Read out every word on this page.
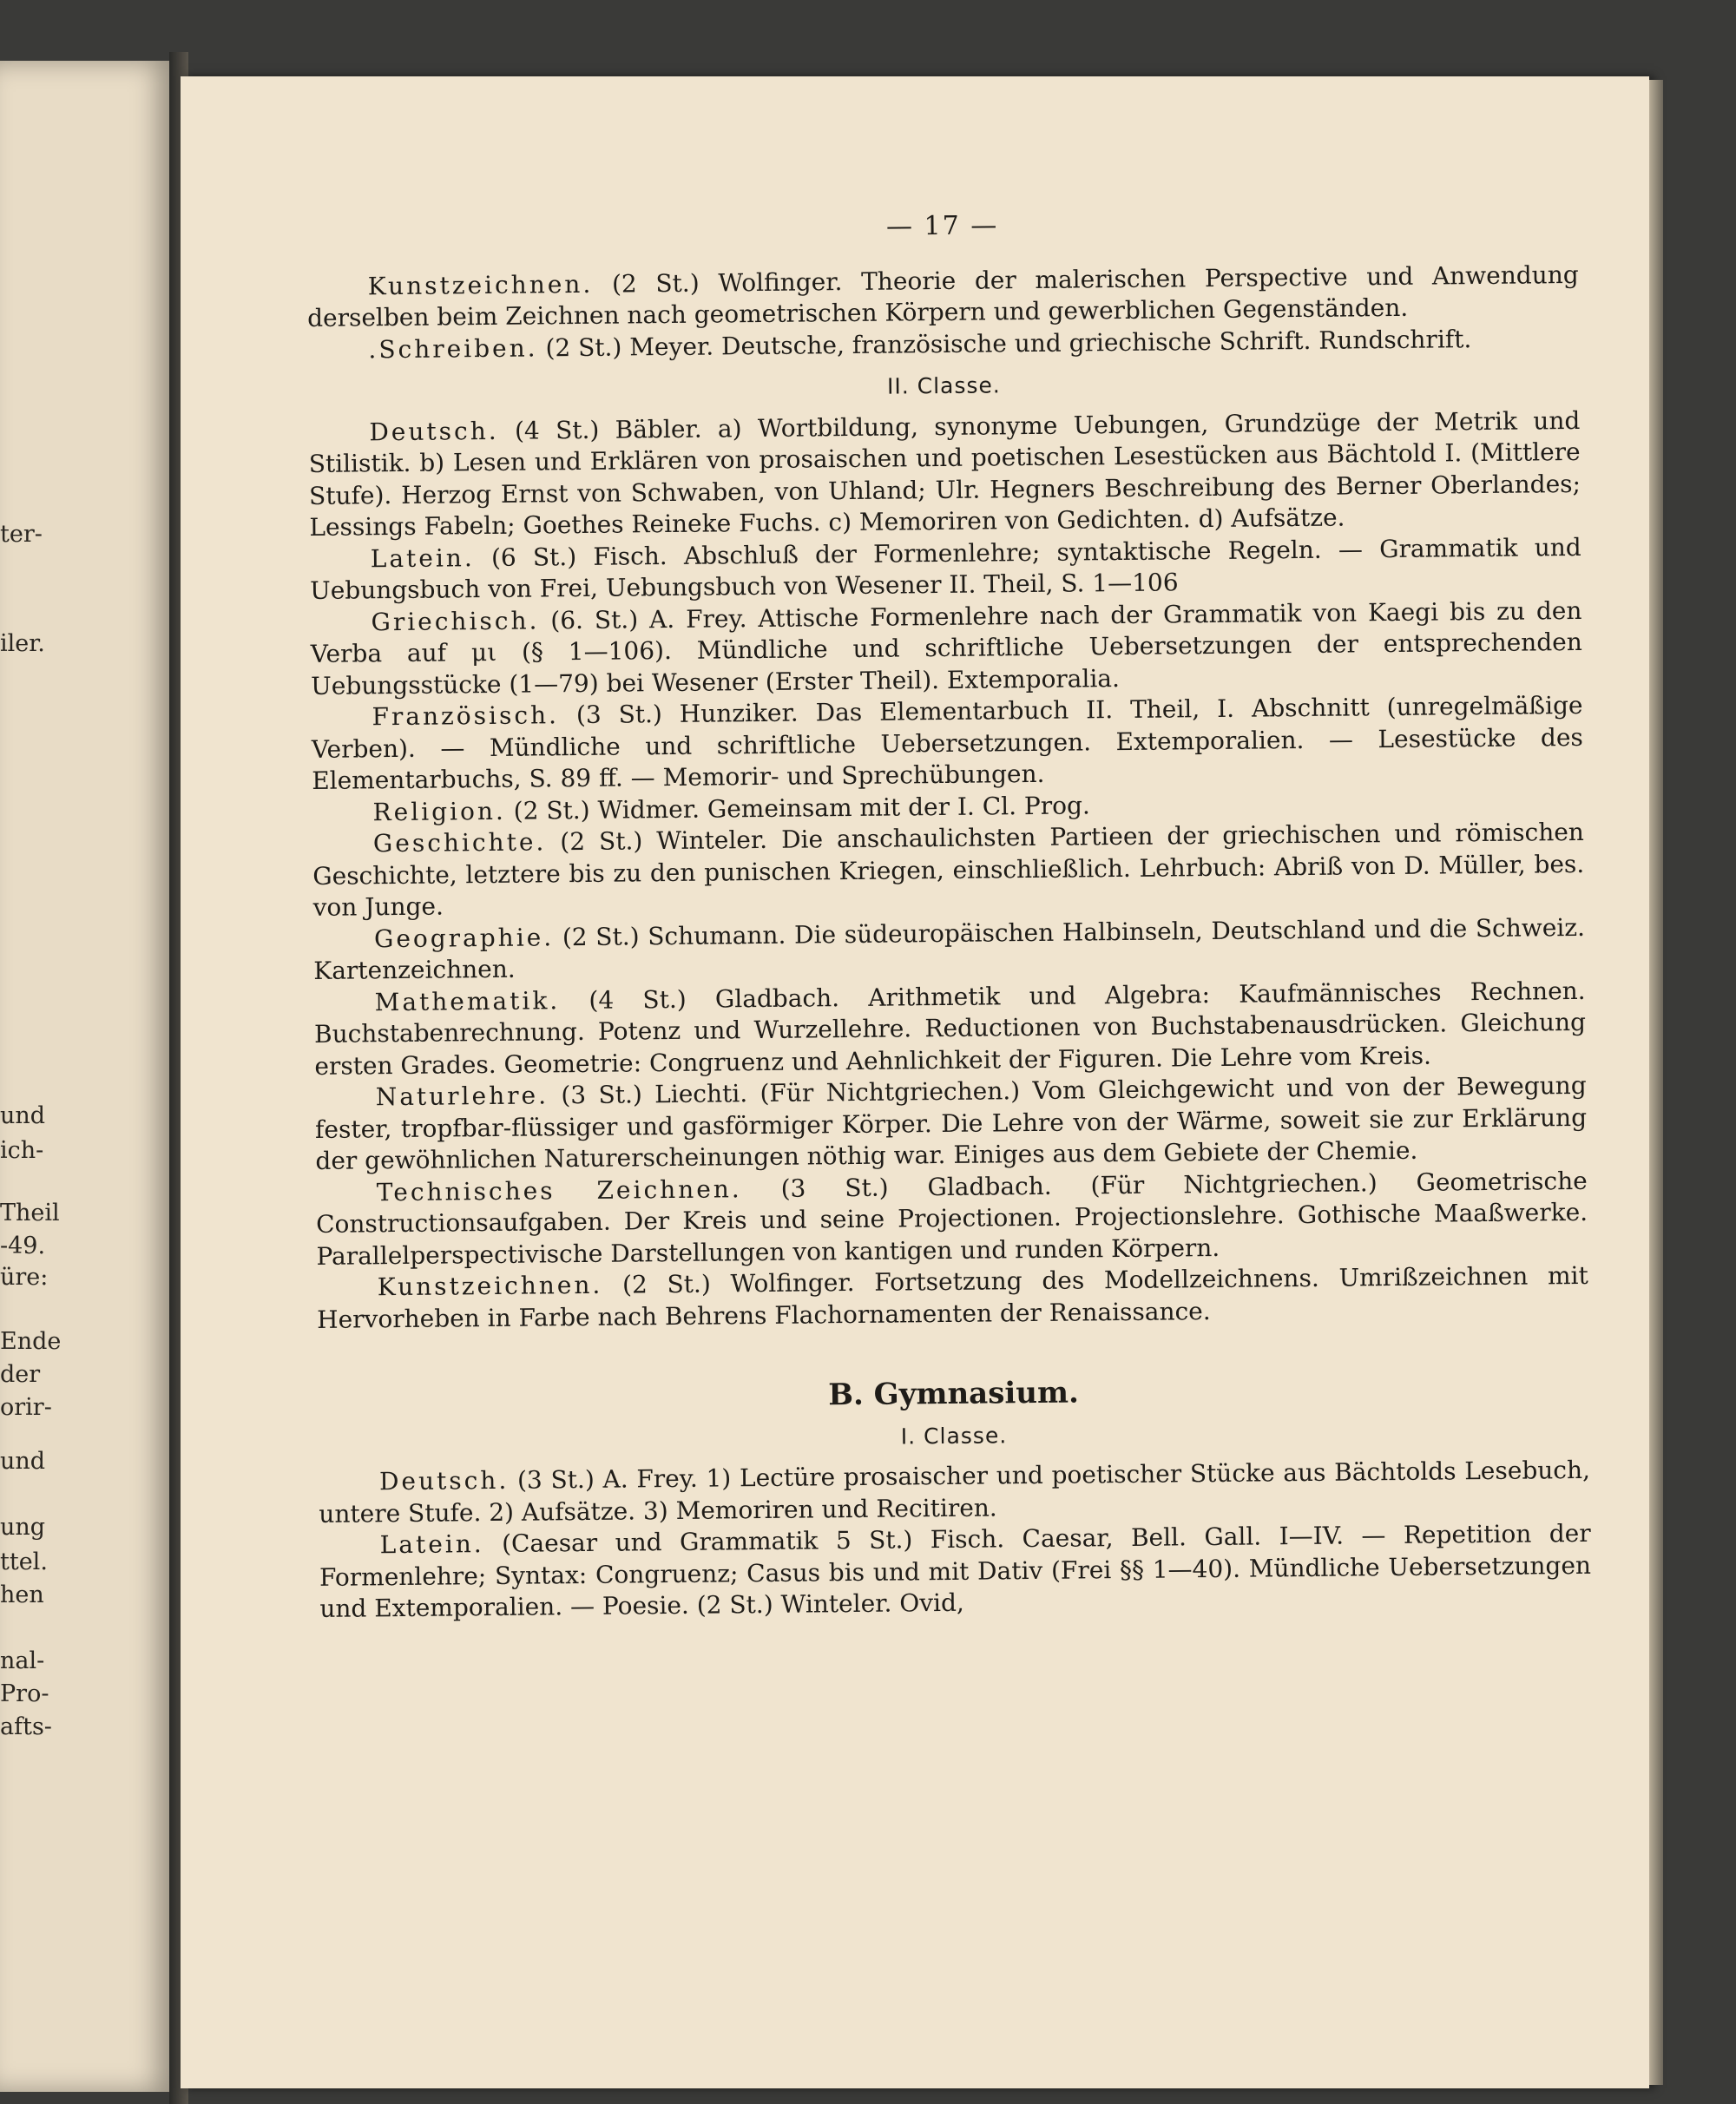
ter-
iler.
und
ich-
Theil
-49.
üre:
Ende
der
orir-
und
ung
ttel.
hen
nal-
Pro-
afts-
— 17 —

Kunstzeichnen. (2 St.) Wolfinger. Theorie der malerischen Perspective und Anwendung derselben beim Zeichnen nach geometrischen Körpern und gewerblichen Gegenständen.

.Schreiben. (2 St.) Meyer. Deutsche, französische und griechische Schrift. Rundschrift.

II. Classe.

Deutsch. (4 St.) Bäbler. a) Wortbildung, synonyme Uebungen, Grundzüge der Metrik und Stilistik. b) Lesen und Erklären von prosaischen und poetischen Lesestücken aus Bächtold I. (Mittlere Stufe). Herzog Ernst von Schwaben, von Uhland; Ulr. Hegners Beschreibung des Berner Oberlandes; Lessings Fabeln; Goethes Reineke Fuchs. c) Memoriren von Gedichten. d) Aufsätze.

Latein. (6 St.) Fisch. Abschluß der Formenlehre; syntaktische Regeln. — Grammatik und Uebungsbuch von Frei, Uebungsbuch von Wesener II. Theil, S. 1—106

Griechisch. (6. St.) A. Frey. Attische Formenlehre nach der Grammatik von Kaegi bis zu den Verba auf μι (§ 1—106). Mündliche und schriftliche Uebersetzungen der entsprechenden Uebungsstücke (1—79) bei Wesener (Erster Theil). Extemporalia.

Französisch. (3 St.) Hunziker. Das Elementarbuch II. Theil, I. Abschnitt (unregelmäßige Verben). — Mündliche und schriftliche Uebersetzungen. Extemporalien. — Lesestücke des Elementarbuchs, S. 89 ff. — Memorir- und Sprechübungen.

Religion. (2 St.) Widmer. Gemeinsam mit der I. Cl. Prog.

Geschichte. (2 St.) Winteler. Die anschaulichsten Partieen der griechischen und römischen Geschichte, letztere bis zu den punischen Kriegen, einschließlich. Lehrbuch: Abriß von D. Müller, bes. von Junge.

Geographie. (2 St.) Schumann. Die südeuropäischen Halbinseln, Deutschland und die Schweiz. Kartenzeichnen.

Mathematik. (4 St.) Gladbach. Arithmetik und Algebra: Kaufmännisches Rechnen. Buchstabenrechnung. Potenz und Wurzellehre. Reductionen von Buchstabenausdrücken. Gleichung ersten Grades. Geometrie: Congruenz und Aehnlichkeit der Figuren. Die Lehre vom Kreis.

Naturlehre. (3 St.) Liechti. (Für Nichtgriechen.) Vom Gleichgewicht und von der Bewegung fester, tropfbar-flüssiger und gasförmiger Körper. Die Lehre von der Wärme, soweit sie zur Erklärung der gewöhnlichen Naturerscheinungen nöthig war. Einiges aus dem Gebiete der Chemie.

Technisches Zeichnen. (3 St.) Gladbach. (Für Nichtgriechen.) Geometrische Constructionsaufgaben. Der Kreis und seine Projectionen. Projectionslehre. Gothische Maaßwerke. Parallelperspectivische Darstellungen von kantigen und runden Körpern.

Kunstzeichnen. (2 St.) Wolfinger. Fortsetzung des Modellzeichnens. Umrißzeichnen mit Hervorheben in Farbe nach Behrens Flachornamenten der Renaissance.

B. Gymnasium.
I. Classe.

Deutsch. (3 St.) A. Frey. 1) Lectüre prosaischer und poetischer Stücke aus Bächtolds Lesebuch, untere Stufe. 2) Aufsätze. 3) Memoriren und Recitiren.

Latein. (Caesar und Grammatik 5 St.) Fisch. Caesar, Bell. Gall. I—IV. — Repetition der Formenlehre; Syntax: Congruenz; Casus bis und mit Dativ (Frei §§ 1—40). Mündliche Uebersetzungen und Extemporalien. — Poesie. (2 St.) Winteler. Ovid,
